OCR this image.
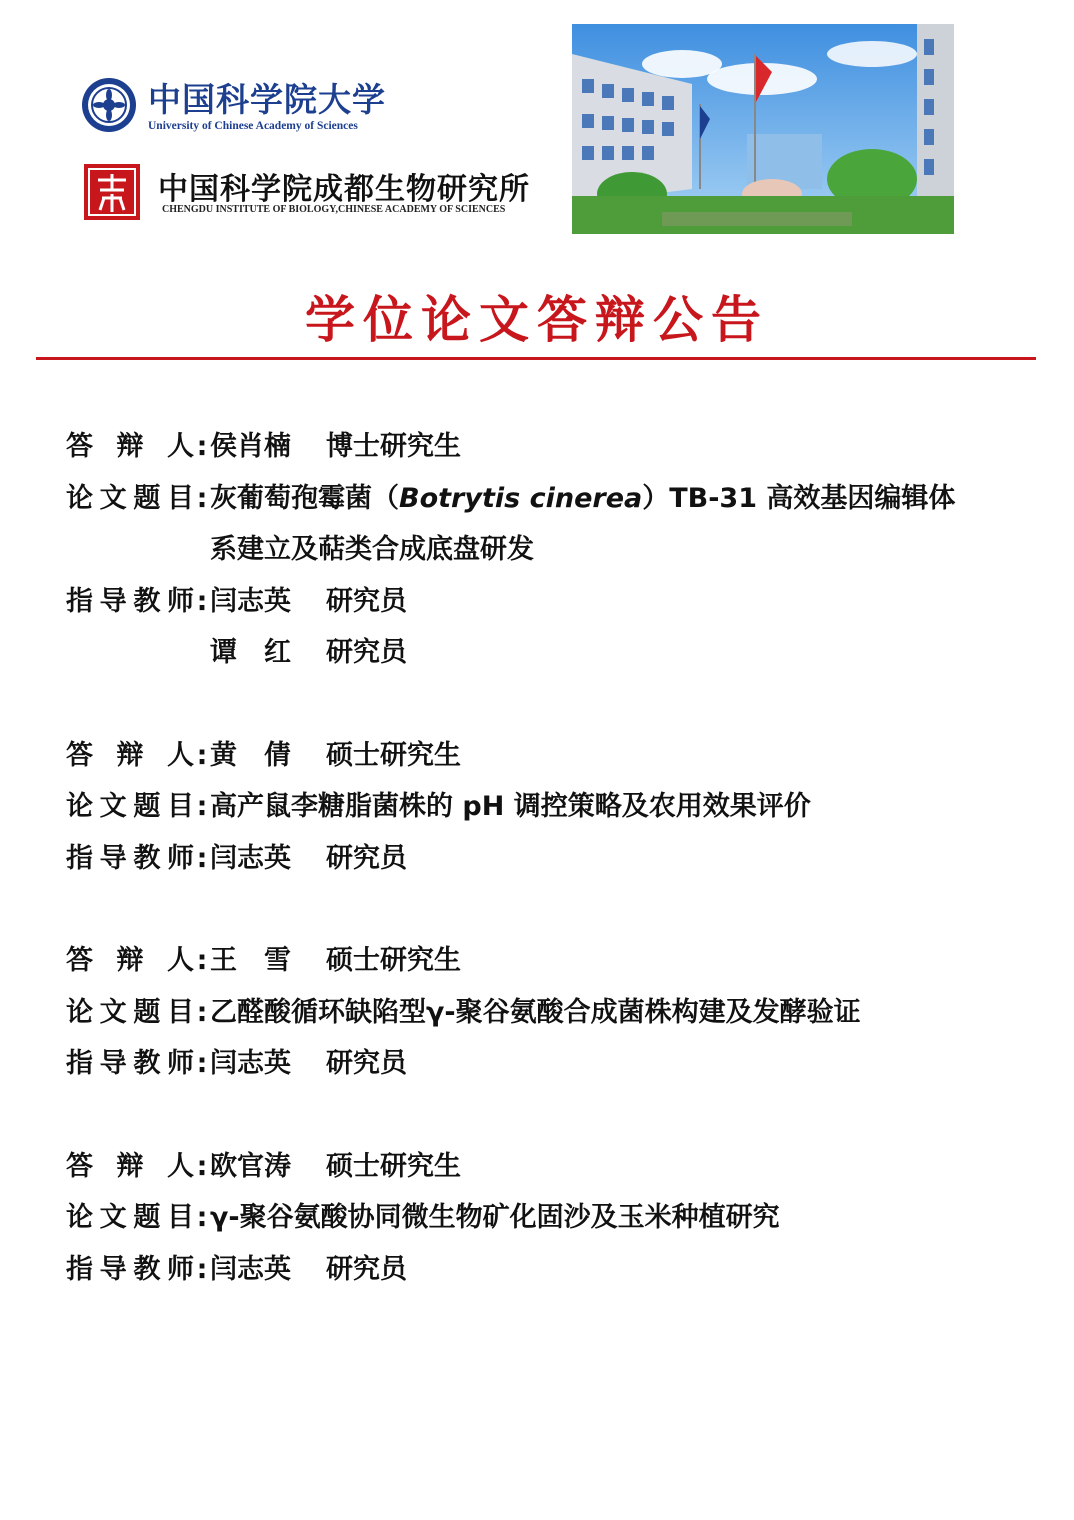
中国科学院大学
University of Chinese Academy of Sciences
中国科学院成都生物研究所
CHENGDU INSTITUTE OF BIOLOGY,CHINESE ACADEMY OF SCIENCES
学位论文答辩公告
答 辩 人 : 侯肖楠 博士研究生
论 文 题 目 : 灰葡萄孢霉菌（Botrytis cinerea）TB-31 高效基因编辑体
系建立及萜类合成底盘研发
指 导 教 师 : 闫志英 研究员
谭　红 研究员
答 辩 人 : 黄　倩 硕士研究生
论 文 题 目 : 高产鼠李糖脂菌株的 pH 调控策略及农用效果评价
指 导 教 师 : 闫志英 研究员
答 辩 人 : 王　雪 硕士研究生
论 文 题 目 : 乙醛酸循环缺陷型γ-聚谷氨酸合成菌株构建及发酵验证
指 导 教 师 : 闫志英 研究员
答 辩 人 : 欧官涛 硕士研究生
论 文 题 目 : γ-聚谷氨酸协同微生物矿化固沙及玉米种植研究
指 导 教 师 : 闫志英 研究员
